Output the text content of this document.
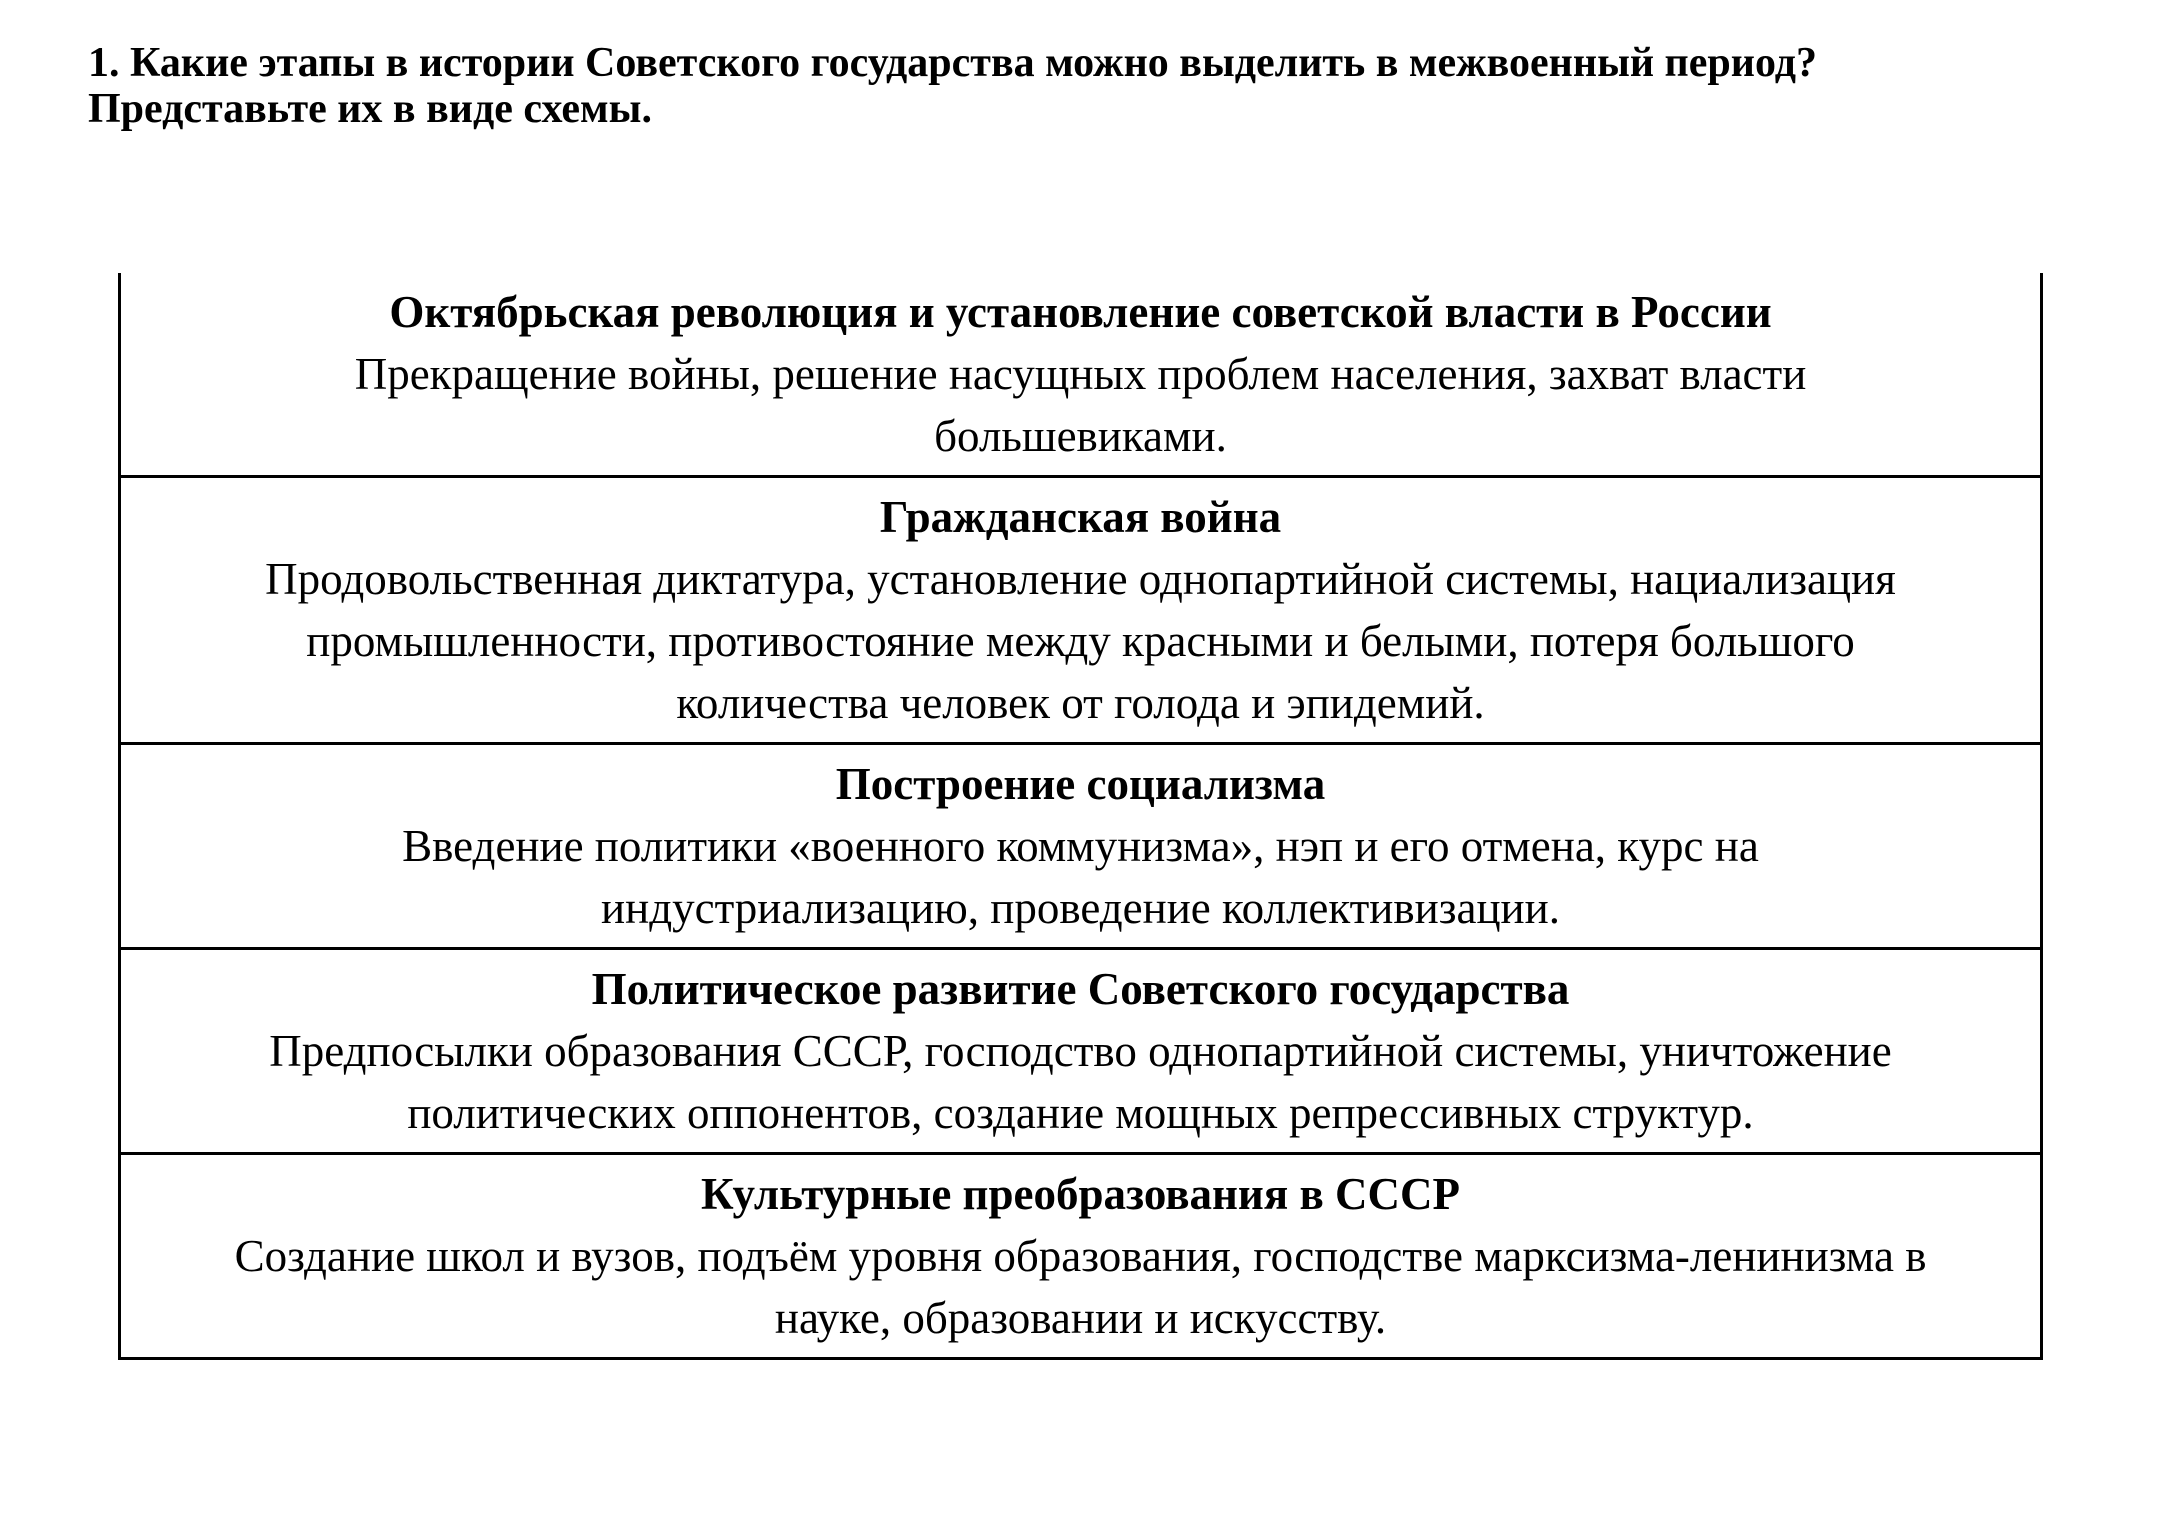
1. Какие этапы в истории Советского государства можно выделить в межвоенный период?
Представьте их в виде схемы.
Октябрьская революция и установление советской власти в России
Прекращение войны, решение насущных проблем населения, захват власти
большевиками.
Гражданская война
Продовольственная диктатура, установление однопартийной системы, нациализация
промышленности, противостояние между красными и белыми, потеря большого
количества человек от голода и эпидемий.
Построение социализма
Введение политики «военного коммунизма», нэп и его отмена, курс на
индустриализацию, проведение коллективизации.
Политическое развитие Советского государства
Предпосылки образования СССР, господство однопартийной системы, уничтожение
политических оппонентов, создание мощных репрессивных структур.
Культурные преобразования в СССР
Создание школ и вузов, подъём уровня образования, господстве марксизма-ленинизма в
науке, образовании и искусству.
